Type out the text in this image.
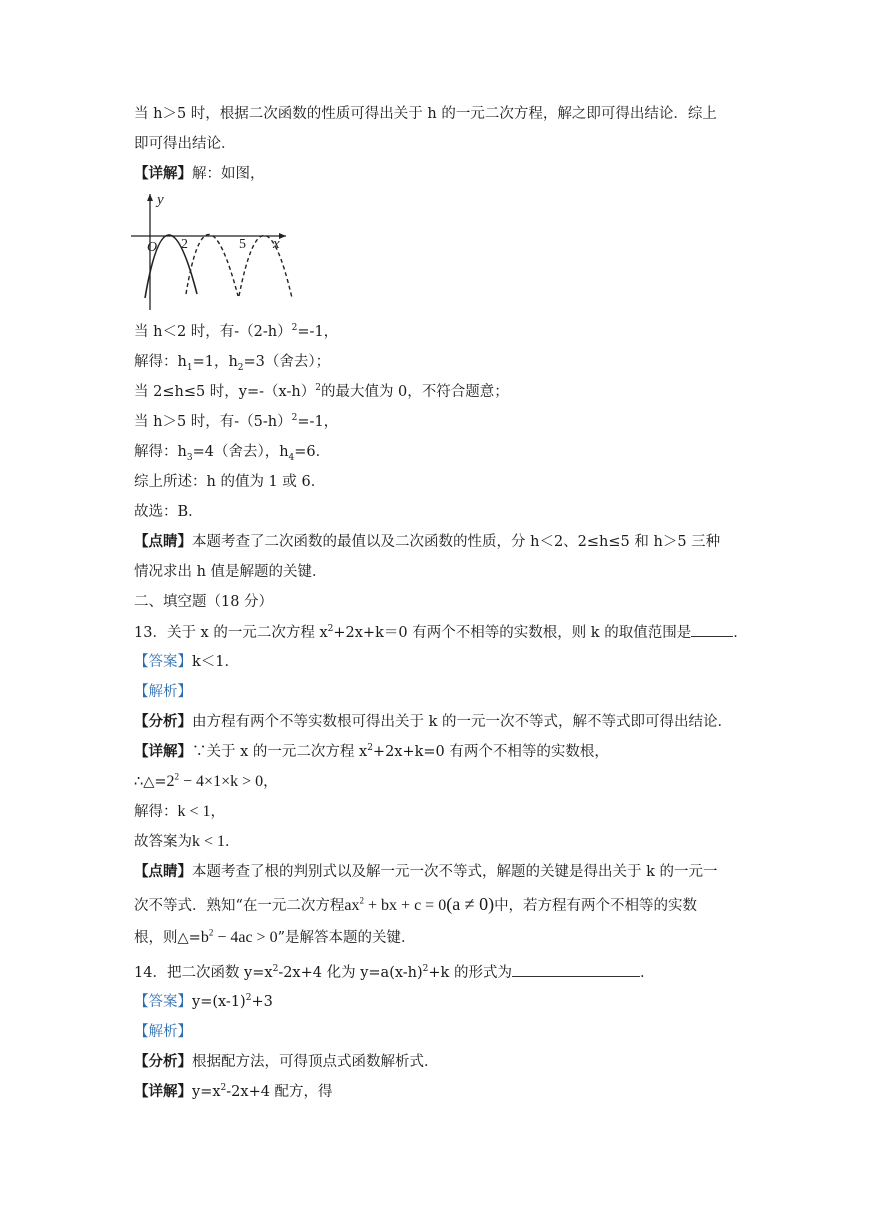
当 h＞5 时，根据二次函数的性质可得出关于 h 的一元二次方程，解之即可得出结论．综上
即可得出结论．
【详解】解：如图，
y
x
O 2	5
当 h＜2 时，有$-(2-h)^2=-1$，
解得：$h_1=1$，$h_2=3$（舍去）；
当 2≤h≤5 时，$y=-(x-h)^2$的最大值为 0，不符合题意；
当 h＞5 时，有$-(5-h)^2=-1$，
解得：$h_3=4$（舍去），$h_4=6$．
综上所述：h 的值为 1 或 6．
故选：B．
【点睛】本题考查了二次函数的最值以及二次函数的性质，分 h＜2、2≤h≤5 和 h＞5 三种
情况求出 h 值是解题的关键．
二、填空题（18 分）
13．关于 x 的一元二次方程 $x^2+2x+k=0$ 有两个不相等的实数根，则 k 的取值范围是	．
【答案】k＜1．
【解析】
【分析】由方程有两个不等实数根可得出关于 k 的一元一次不等式，解不等式即可得出结论．
【详解】∵关于 x 的一元二次方程 $x^2+2x+k=0$ 有两个不相等的实数根，
$\therefore\triangle=2^2 - 4\times 1\times k > 0$，
解得：k < 1，
故答案为k < 1．
【点睛】本题考查了根的判别式以及解一元一次不等式，解题的关键是得出关于 k 的一元一
次不等式．熟知“在一元二次方程$ax^2$ + bx + c = 0(a ≠ 0)中，若方程有两个不相等的实数
根，则$\triangle=b^2 - 4ac > 0$”是解答本题的关键．
14．把二次函数 $y=x^2-2x+4$ 化为 $y=a(x-h)^2+k$ 的形式为	．
【答案】$y=(x-1)^2+3$
【解析】
【分析】根据配方法，可得顶点式函数解析式．
【详解】$y=x^2-2x+4$ 配方，得
